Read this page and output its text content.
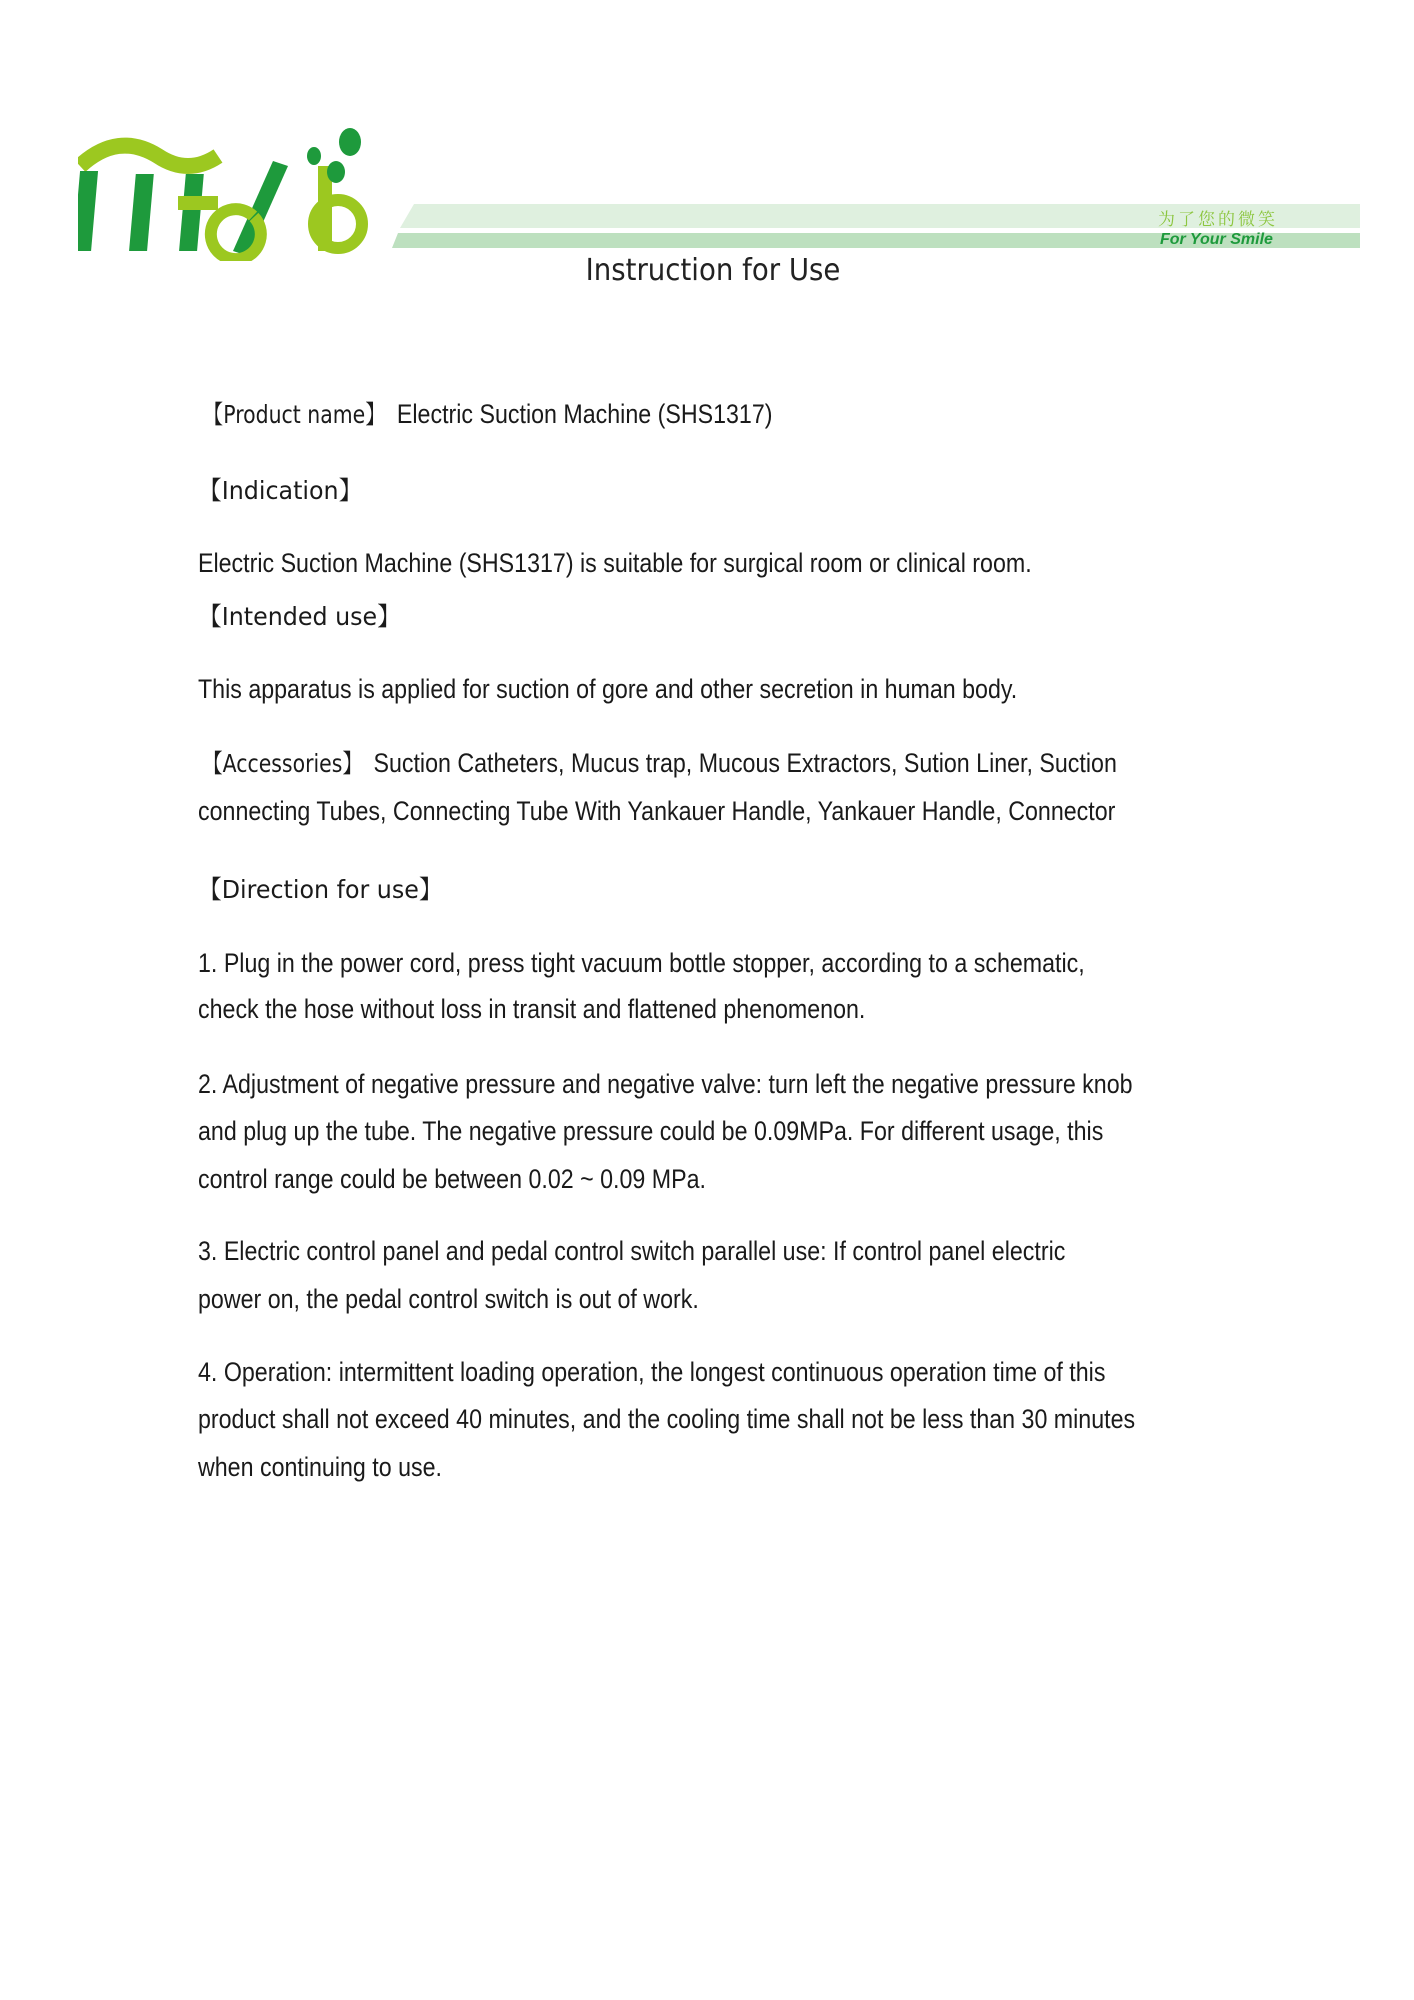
为了您的微笑
For Your Smile
Instruction for Use
【Product name】 Electric Suction Machine (SHS1317)
【Indication】
Electric Suction Machine (SHS1317) is suitable for surgical room or clinical room.
【Intended use】
This apparatus is applied for suction of gore and other secretion in human body.
【Accessories】 Suction Catheters, Mucus trap, Mucous Extractors, Sution Liner, Suction
connecting Tubes, Connecting Tube With Yankauer Handle, Yankauer Handle, Connector
【Direction for use】
1. Plug in the power cord, press tight vacuum bottle stopper, according to a schematic,
check the hose without loss in transit and flattened phenomenon.
2. Adjustment of negative pressure and negative valve: turn left the negative pressure knob
and plug up the tube. The negative pressure could be 0.09MPa. For different usage, this
control range could be between 0.02 ~ 0.09 MPa.
3. Electric control panel and pedal control switch parallel use: If control panel electric
power on, the pedal control switch is out of work.
4. Operation: intermittent loading operation, the longest continuous operation time of this
product shall not exceed 40 minutes, and the cooling time shall not be less than 30 minutes
when continuing to use.
